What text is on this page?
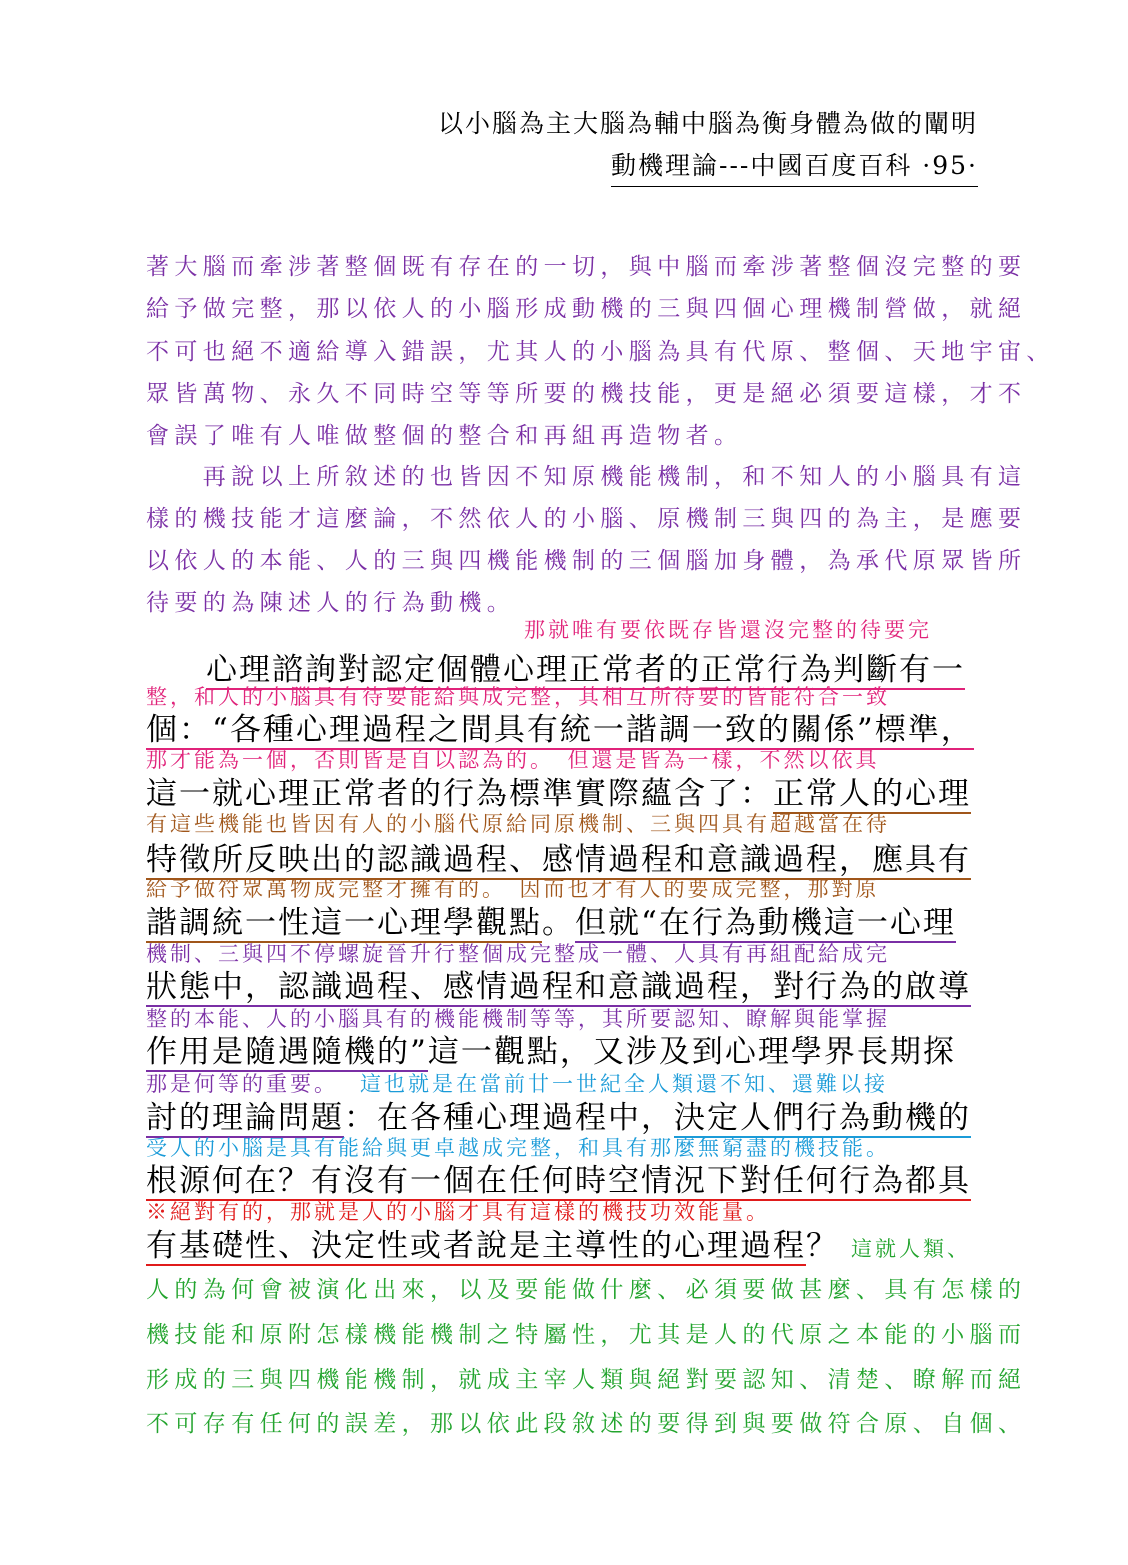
以小腦為主大腦為輔中腦為衡身體為做的闡明
動機理論---中國百度百科 ·95·
著大腦而牽涉著整個既有存在的一切，與中腦而牽涉著整個沒完整的要
給予做完整，那以依人的小腦形成動機的三與四個心理機制營做，就絕
不可也絕不適給導入錯誤，尤其人的小腦為具有代原、整個、天地宇宙、
眾皆萬物、永久不同時空等等所要的機技能，更是絕必須要這樣，才不
會誤了唯有人唯做整個的整合和再組再造物者。
　　再說以上所敘述的也皆因不知原機能機制，和不知人的小腦具有這
樣的機技能才這麼論，不然依人的小腦、原機制三與四的為主，是應要
以依人的本能、人的三與四機能機制的三個腦加身體，為承代原眾皆所
待要的為陳述人的行為動機。
那就唯有要依既存皆還沒完整的待要完
心理諮詢對認定個體心理正常者的正常行為判斷有一
整，和人的小腦具有待要能給與成完整，其相互所待要的皆能符合一致
個：“各種心理過程之間具有統一諧調一致的關係”標準，
那才能為一個，否則皆是自以認為的。　但還是皆為一樣，不然以依具
這一就心理正常者的行為標準實際蘊含了：正常人的心理
有這些機能也皆因有人的小腦代原給同原機制、三與四具有超越當在待
特徵所反映出的認識過程、感情過程和意識過程，應具有
給予做符眾萬物成完整才擁有的。　因而也才有人的要成完整，那對原
諧調統一性這一心理學觀點。但就“在行為動機這一心理
機制、三與四不停螺旋晉升行整個成完整成一體、人具有再組配給成完
狀態中，認識過程、感情過程和意識過程，對行為的啟導
整的本能、人的小腦具有的機能機制等等，其所要認知、瞭解與能掌握
作用是隨遇隨機的”這一觀點，又涉及到心理學界長期探
那是何等的重要。 這也就是在當前廿一世紀全人類還不知、還難以接
討的理論問題：在各種心理過程中，決定人們行為動機的
受人的小腦是具有能給與更卓越成完整，和具有那麼無窮盡的機技能。
根源何在？有沒有一個在任何時空情況下對任何行為都具
※絕對有的，那就是人的小腦才具有這樣的機技功效能量。
有基礎性、決定性或者說是主導性的心理過程？ 這就人類、
人的為何會被演化出來，以及要能做什麼、必須要做甚麼、具有怎樣的
機技能和原附怎樣機能機制之特屬性，尤其是人的代原之本能的小腦而
形成的三與四機能機制，就成主宰人類與絕對要認知、清楚、瞭解而絕
不可存有任何的誤差，那以依此段敘述的要得到與要做符合原、自個、
